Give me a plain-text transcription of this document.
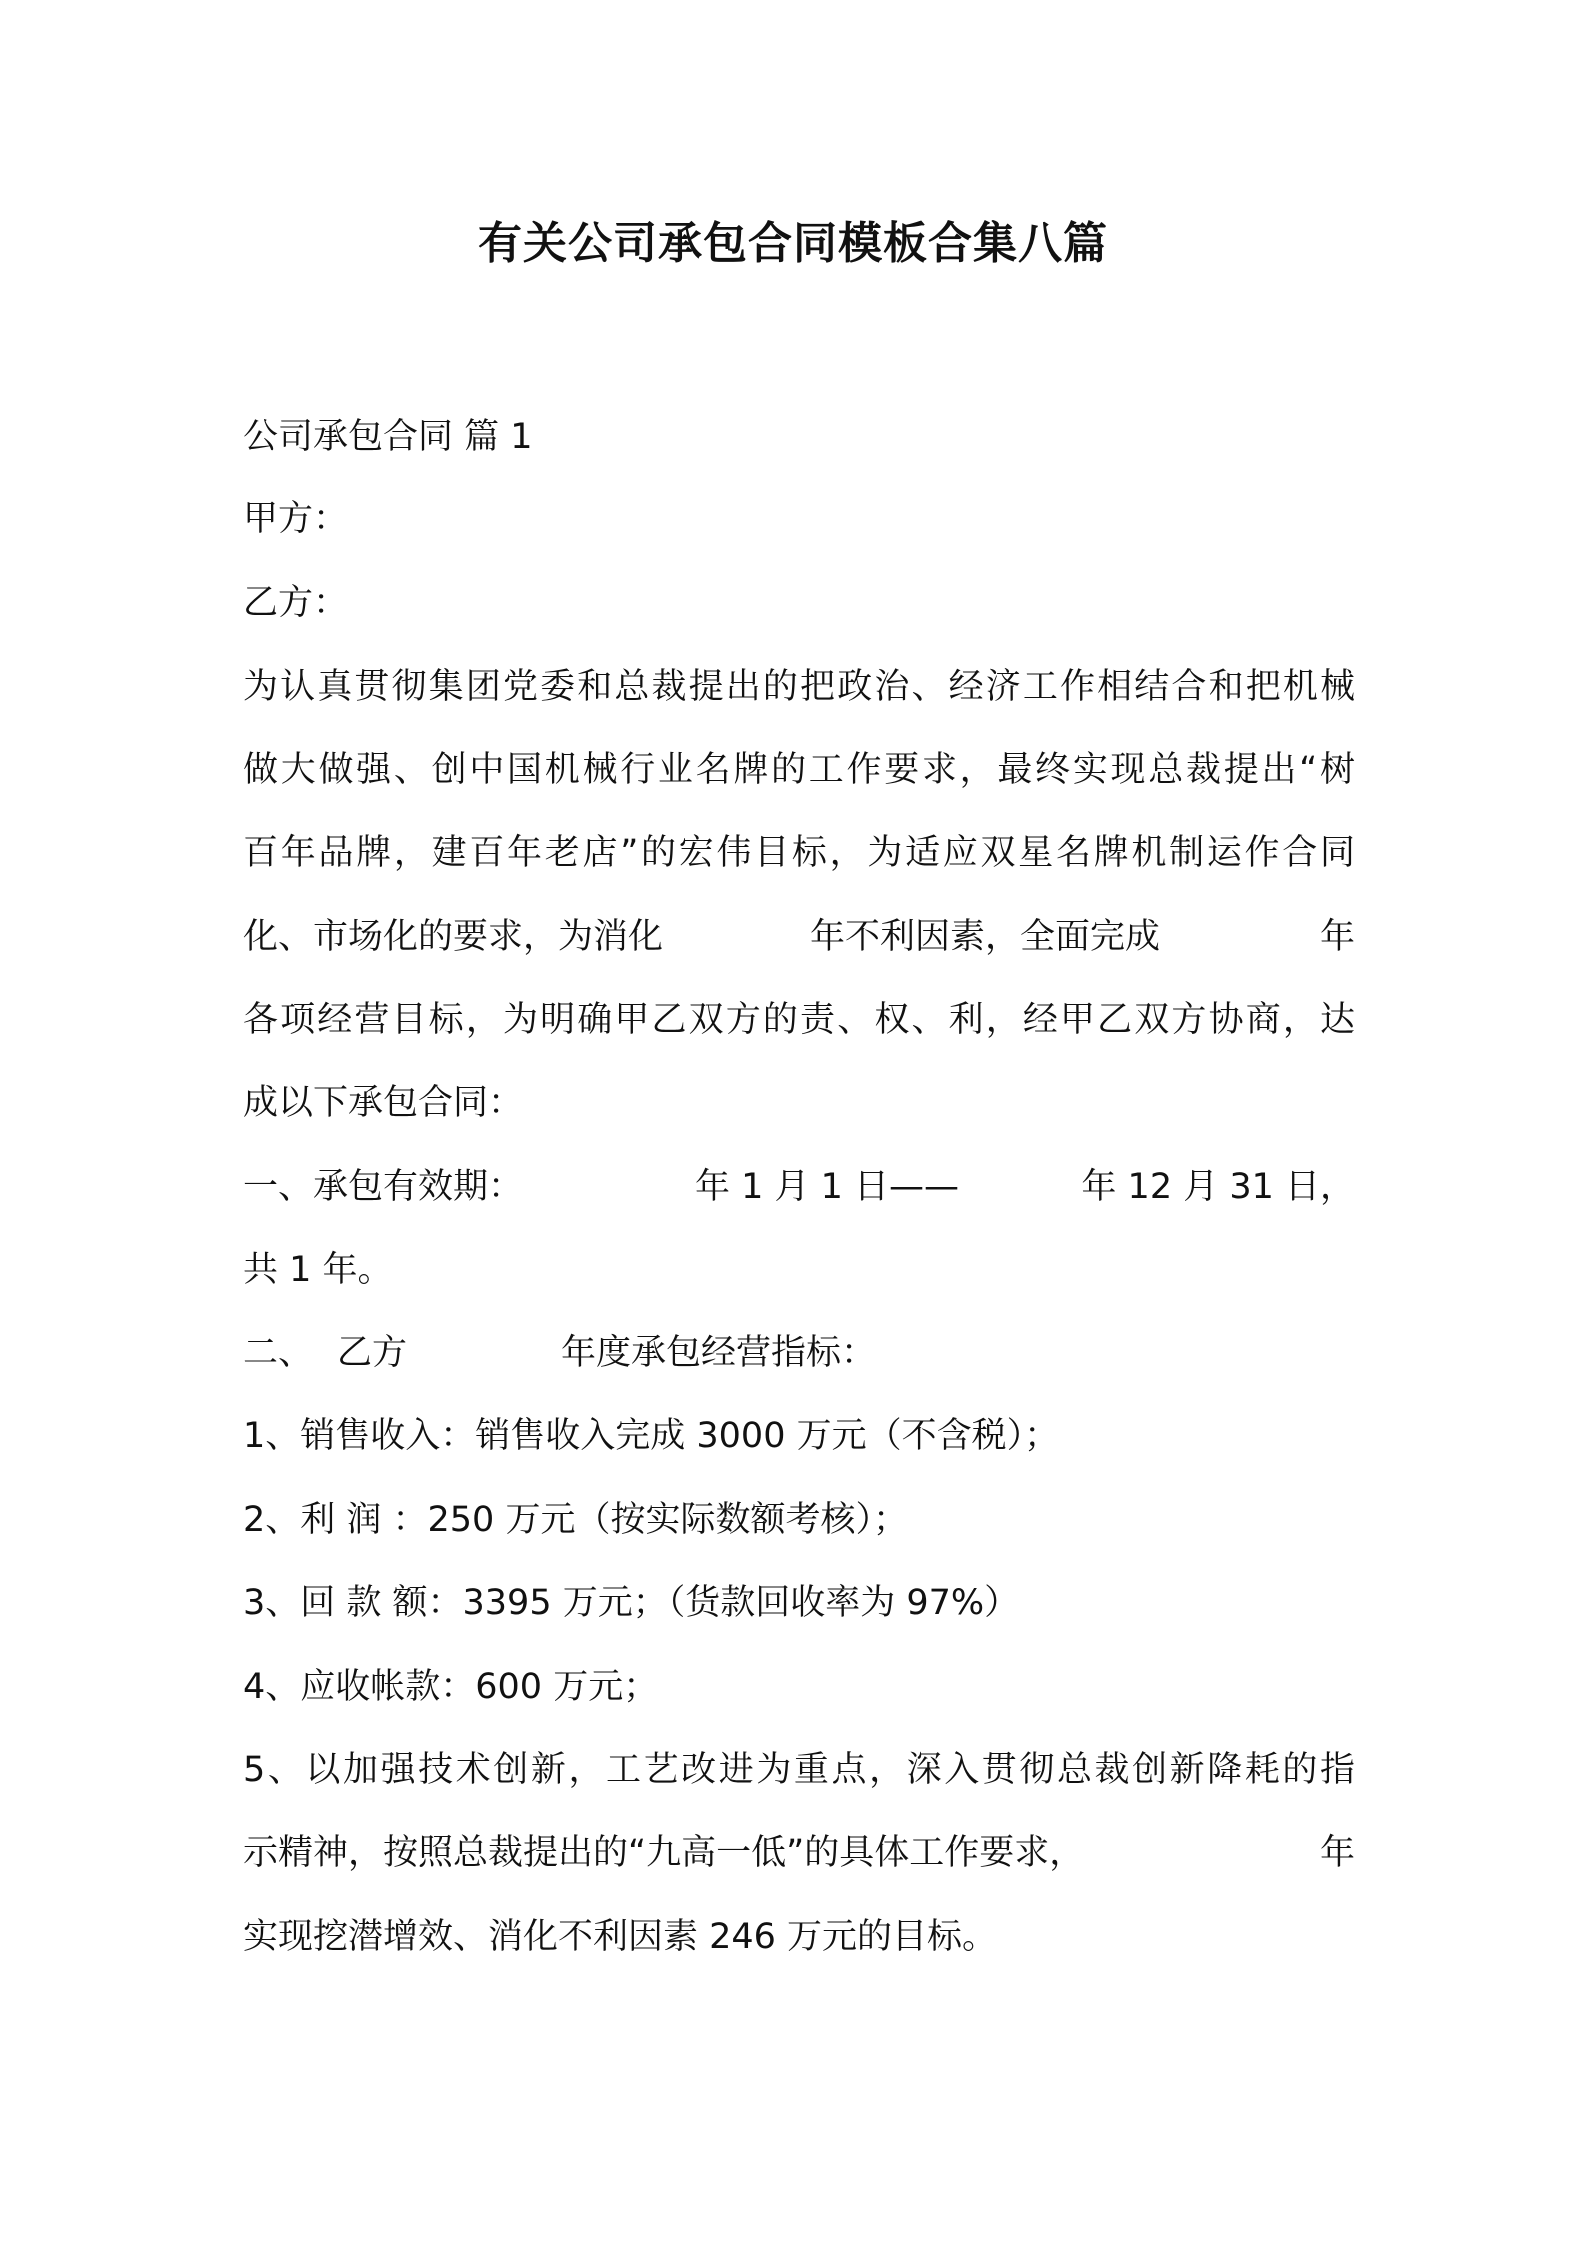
有关公司承包合同模板合集八篇
公司承包合同 篇 1
甲方：
乙方：
为认真贯彻集团党委和总裁提出的把政治、经济工作相结合和把机械
做大做强、创中国机械行业名牌的工作要求，最终实现总裁提出“树
百年品牌，建百年老店”的宏伟目标，为适应双星名牌机制运作合同
化、市场化的要求，为消化	年不利因素，全面完成	年
各项经营目标，为明确甲乙双方的责、权、利，经甲乙双方协商，达
成以下承包合同：
一、承包有效期：	年 1 月 1 日——	年 12 月 31 日，
共 1 年。
二、 乙方	年度承包经营指标：
1、销售收入：销售收入完成 3000 万元（不含税）；
2、利 润 ：250 万元（按实际数额考核）；
3、回 款 额：3395 万元；（货款回收率为 97%）
4、应收帐款：600 万元；
5、以加强技术创新，工艺改进为重点，深入贯彻总裁创新降耗的指
示精神，按照总裁提出的“九高一低”的具体工作要求，	年
实现挖潜增效、消化不利因素 246 万元的目标。
